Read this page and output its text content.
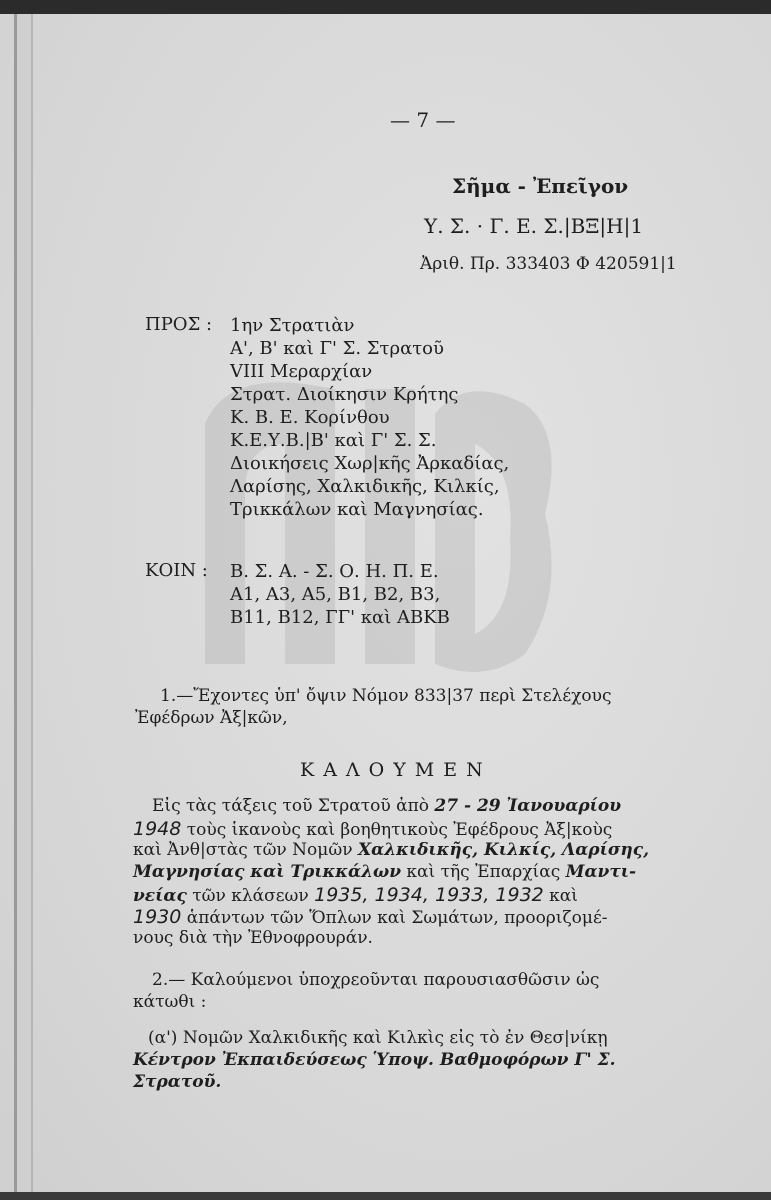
— 7 —
Σῆμα - Ἐπεῖγον
Υ. Σ. · Γ. Ε. Σ.|ΒΞ|Η|1
Ἀριθ. Πρ. 333403 Φ 420591|1
ΠΡΟΣ : 1ην Στρατιὰν
Α', Β' καὶ Γ' Σ. Στρατοῦ
VIII Μεραρχίαν
Στρατ. Διοίκησιν Κρήτης
Κ. Β. Ε. Κορίνθου
Κ.Ε.Υ.Β.|Β' καὶ Γ' Σ. Σ.
Διοικήσεις Χωρ|κῆς Ἀρκαδίας,
Λαρίσης, Χαλκιδικῆς, Κιλκίς,
Τρικκάλων καὶ Μαγνησίας.
ΚΟΙΝ : Β. Σ. Α. - Σ. Ο. Η. Π. Ε.
Α1, Α3, Α5, Β1, Β2, Β3,
Β11, Β12, ΓΓ' καὶ ΑΒΚΒ
1.—Ἔχοντες ὑπ' ὄψιν Νόμον 833|37 περὶ Στελέχους
Ἐφέδρων Ἀξ|κῶν,
ΚΑΛΟΥΜΕΝ
Εἰς τὰς τάξεις τοῦ Στρατοῦ ἀπὸ 27 - 29 Ἰανουαρίου
1948 τοὺς ἱκανοὺς καὶ βοηθητικοὺς Ἐφέδρους Ἀξ|κοὺς
καὶ Ἀνθ|στὰς τῶν Νομῶν Χαλκιδικῆς, Κιλκίς, Λαρίσης,
Μαγνησίας καὶ Τρικκάλων καὶ τῆς Ἐπαρχίας Μαντι-
νείας τῶν κλάσεων 1935, 1934, 1933, 1932 καὶ
1930 ἁπάντων τῶν Ὅπλων καὶ Σωμάτων, προοριζομέ-
νους διὰ τὴν Ἐθνοφρουράν.
2.— Καλούμενοι ὑποχρεοῦνται παρουσιασθῶσιν ὡς
κάτωθι :
(α') Νομῶν Χαλκιδικῆς καὶ Κιλκὶς εἰς τὸ ἐν Θεσ|νίκῃ
Κέντρον Ἐκπαιδεύσεως Ὑποψ. Βαθμοφόρων Γ' Σ.
Στρατοῦ.
